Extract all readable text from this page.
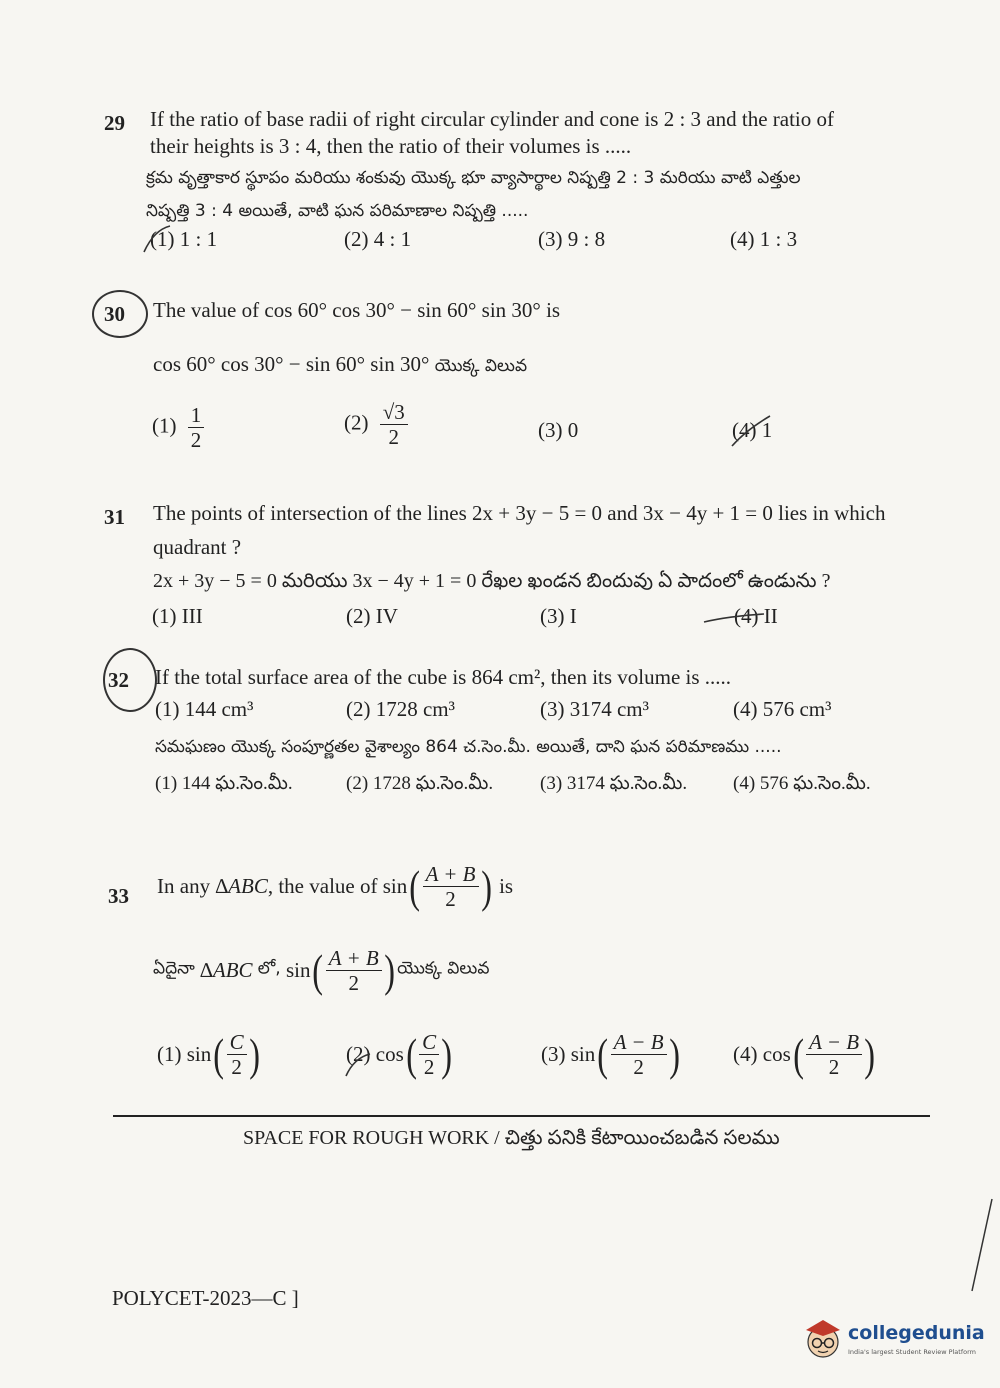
29 If the ratio of base radii of right circular cylinder and cone is 2 : 3 and the ratio of
their heights is 3 : 4, then the ratio of their volumes is .....
క్రమ వృత్తాకార స్థూపం మరియు శంకువు యొక్క భూ వ్యాసార్థాల నిష్పత్తి 2 : 3 మరియు వాటి ఎత్తుల
నిష్పత్తి 3 : 4 అయితే, వాటి ఘన పరిమాణాల నిష్పత్తి .....
(1) 1 : 1	(2) 4 : 1	(3) 9 : 8	(4) 1 : 3
30 The value of cos 60° cos 30° − sin 60° sin 30° is
cos 60° cos 30° − sin 60° sin 30° యొక్క విలువ
$(1) \frac{1}{2}$	$(2) \frac{√3}{2}$	(3) 0	(4) 1
31 The points of intersection of the lines 2x + 3y − 5 = 0 and 3x − 4y + 1 = 0 lies in which
quadrant ?
2x + 3y − 5 = 0 మరియు 3x − 4y + 1 = 0 రేఖల ఖండన బిందువు ఏ పాదంలో ఉండును ?
(1) III	(2) IV	(3) I	(4) II
32 If the total surface area of the cube is 864 cm², then its volume is .....
(1) 144 cm³	(2) 1728 cm³	(3) 3174 cm³	(4) 576 cm³
సమఘణం యొక్క సంపూర్ణతల వైశాల్యం 864 చ.సెం.మీ. అయితే, దాని ఘన పరిమాణము .....
(1) 144 ఘ.సెం.మీ.	(2) 1728 ఘ.సెం.మీ. (3) 3174 ఘ.సెం.మీ. (4) 576 ఘ.సెం.మీ.
33 In any ∆ABC, the value of $\sin( \frac{A + B}{2}$ ) is
ఏదైనా ∆ABC లో, $\sin( \frac{A + B}{2}$ ) యొక్క విలువ
(1) $\sin( \frac{C}{2}$ )	(2) $\cos( \frac{C}{2}$ )	(3) $\sin( \frac{A - B}{2}$ )	(4) $\cos( \frac{A - B}{2}$ )
SPACE FOR ROUGH WORK / చిత్తు పనికి కేటాయించబడిన సలము
POLYCET-2023—C ]
collegedunia
India's largest Student Review Platform
